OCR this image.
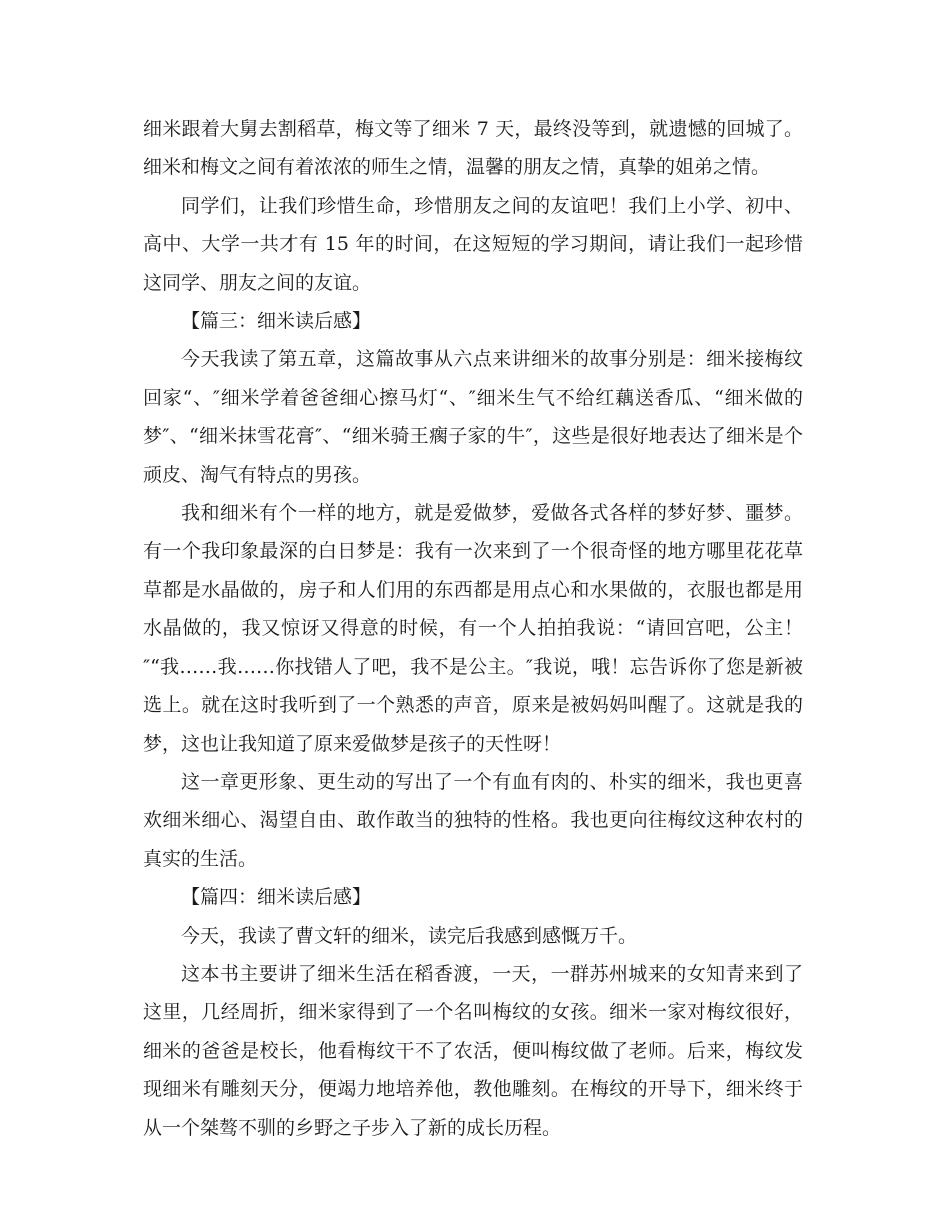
细米跟着大舅去割稻草，梅文等了细米 7 天，最终没等到，就遗憾的回城了。细米和梅文之间有着浓浓的师生之情，温馨的朋友之情，真挚的姐弟之情。

同学们，让我们珍惜生命，珍惜朋友之间的友谊吧！我们上小学、初中、高中、大学一共才有 15 年的时间，在这短短的学习期间，请让我们一起珍惜这同学、朋友之间的友谊。

【篇三：细米读后感】

今天我读了第五章，这篇故事从六点来讲细米的故事分别是：细米接梅纹回家“、″细米学着爸爸细心擦马灯“、″细米生气不给红藕送香瓜、“细米做的梦″、“细米抹雪花膏″、“细米骑王瘸子家的牛″，这些是很好地表达了细米是个顽皮、淘气有特点的男孩。

我和细米有个一样的地方，就是爱做梦，爱做各式各样的梦好梦、噩梦。有一个我印象最深的白日梦是：我有一次来到了一个很奇怪的地方哪里花花草草都是水晶做的，房子和人们用的东西都是用点心和水果做的，衣服也都是用水晶做的，我又惊讶又得意的时候，有一个人拍拍我说：“请回宫吧，公主！″“我……我……你找错人了吧，我不是公主。″我说，哦！忘告诉你了您是新被选上。就在这时我听到了一个熟悉的声音，原来是被妈妈叫醒了。这就是我的梦，这也让我知道了原来爱做梦是孩子的天性呀！

这一章更形象、更生动的写出了一个有血有肉的、朴实的细米，我也更喜欢细米细心、渴望自由、敢作敢当的独特的性格。我也更向往梅纹这种农村的真实的生活。

【篇四：细米读后感】

今天，我读了曹文轩的细米，读完后我感到感慨万千。

这本书主要讲了细米生活在稻香渡，一天，一群苏州城来的女知青来到了这里，几经周折，细米家得到了一个名叫梅纹的女孩。细米一家对梅纹很好，细米的爸爸是校长，他看梅纹干不了农活，便叫梅纹做了老师。后来，梅纹发现细米有雕刻天分，便竭力地培养他，教他雕刻。在梅纹的开导下，细米终于从一个桀骜不驯的乡野之子步入了新的成长历程。
